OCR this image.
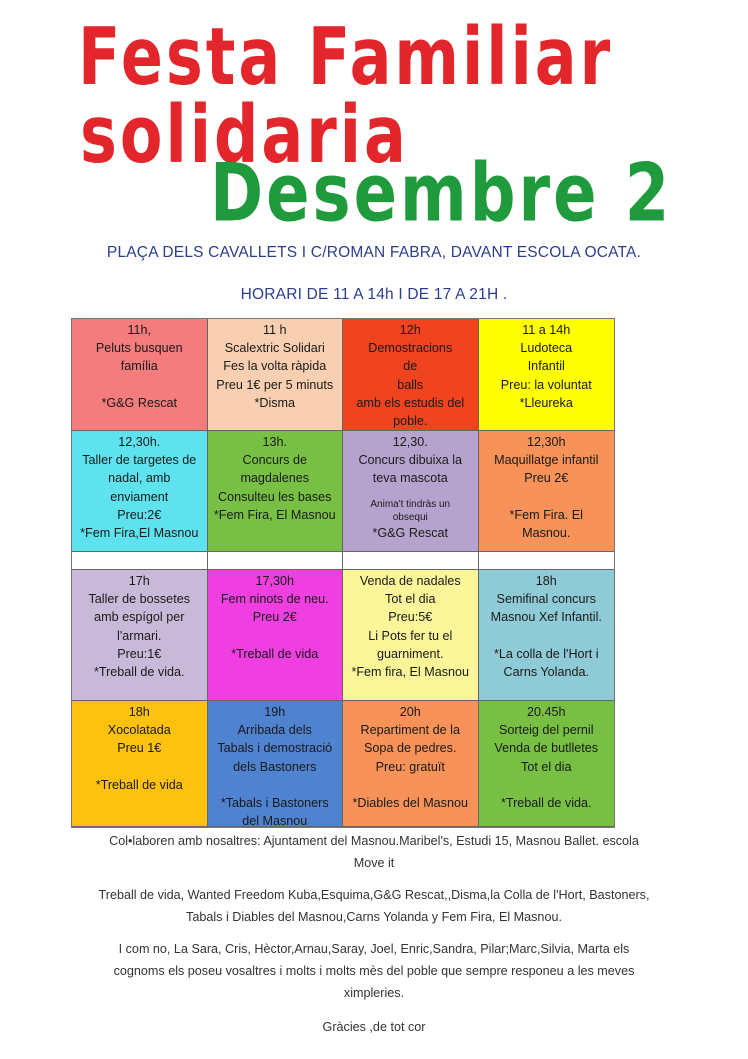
Festa Familiar
solidaria
Desembre 2
PLAÇA DELS CAVALLETS I C/ROMAN FABRA, DAVANT ESCOLA OCATA.
HORARI DE 11 A 14h I DE 17 A 21H .
11h,
Peluts busquen
família

*G&G Rescat
11 h
Scalextric Solidari
Fes la volta ràpida
Preu 1€ per 5 minuts
*Disma
12h
Demostracions
de
balls
amb els estudis del
poble.
11 a 14h
Ludoteca
Infantil
Preu: la voluntat
*Lleureka
12,30h.
Taller de targetes de
nadal, amb
enviament
Preu:2€
*Fem Fira,El Masnou
13h.
Concurs de
magdalenes
Consulteu les bases
*Fem Fira, El Masnou
12,30.
Concurs dibuixa la
teva mascota

Anima't tindràs un
obsequi
*G&G Rescat
12,30h
Maquillatge infantil
Preu 2€

*Fem Fira. El
Masnou.
17h
Taller de bossetes
amb espígol per
l'armari.
Preu:1€
*Treball de vida.
17,30h
Fem ninots de neu.
Preu 2€

*Treball de vida
Venda de nadales
Tot el dia
Preu:5€
Li Pots fer tu el
guarniment.
*Fem fira, El Masnou
18h
Semifinal concurs
Masnou Xef Infantil.

*La colla de l'Hort i
Carns Yolanda.
18h
Xocolatada
Preu 1€

*Treball de vida
19h
Arribada dels
Tabals i demostració
dels Bastoners

*Tabals i Bastoners
del Masnou
20h
Repartiment de la
Sopa de pedres.
Preu: gratuït

*Diables del Masnou
20.45h
Sorteig del pernil
Venda de butlletes
Tot el dia

*Treball de vida.
Col•laboren amb nosaltres: Ajuntament del Masnou.Maribel's, Estudi 15, Masnou Ballet. escola
Move it
Treball de vida, Wanted Freedom Kuba,Esquima,G&G Rescat,,Disma,la Colla de l'Hort, Bastoners,
Tabals i Diables del Masnou,Carns Yolanda y Fem Fira, El Masnou.
I com no, La Sara, Cris, Hèctor,Arnau,Saray, Joel, Enric,Sandra, Pilar;Marc,Silvia, Marta els
cognoms els poseu vosaltres i molts i molts mès del poble que sempre responeu a les meves
ximpleries.
Gràcies ,de tot cor
